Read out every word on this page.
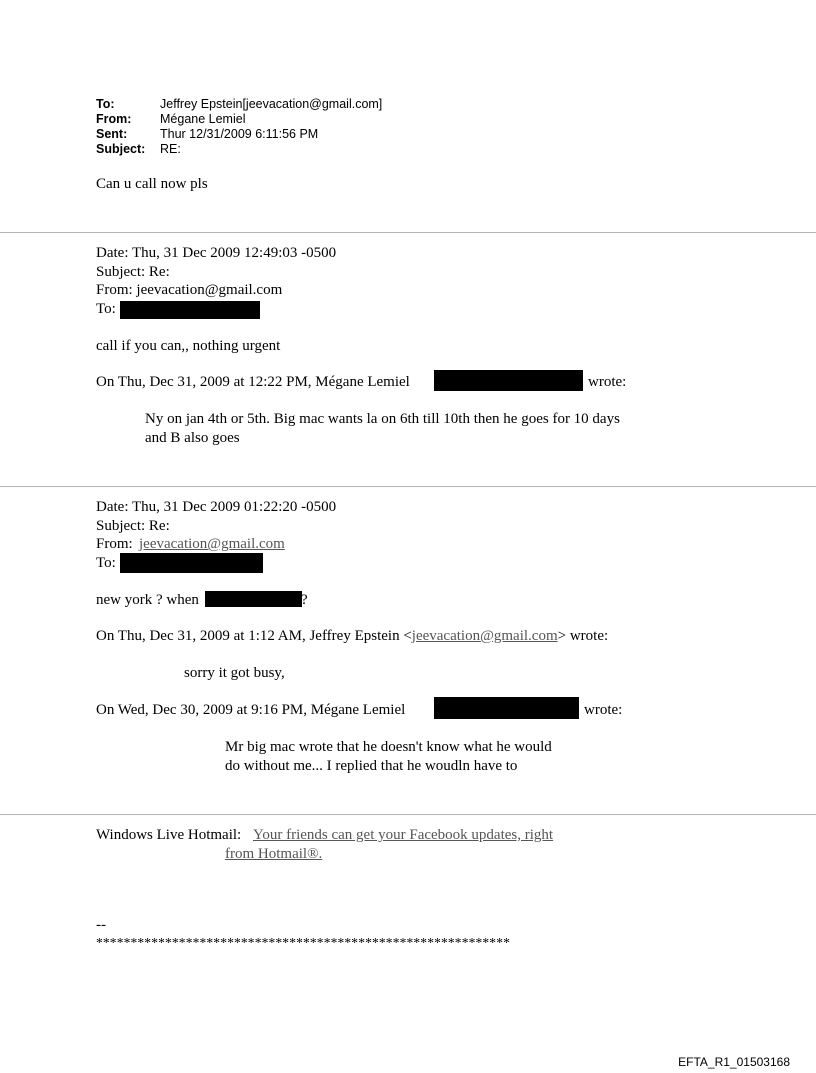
To:	Jeffrey Epstein[jeevacation@gmail.com]
From: Mégane Lemiel
Sent:	Thur 12/31/2009 6:11:56 PM
Subject: RE:
Can u call now pls
Date: Thu, 31 Dec 2009 12:49:03 -0500
Subject: Re:
From: jeevacation@gmail.com
To:
call if you can,, nothing urgent
On Thu, Dec 31, 2009 at 12:22 PM, Mégane Lemiel	wrote:
Ny on jan 4th or 5th. Big mac wants la on 6th till 10th then he goes for 10 days
and B also goes
Date: Thu, 31 Dec 2009 01:22:20 -0500
Subject: Re:
From: jeevacation@gmail.com
To:
new york ? when	?
On Thu, Dec 31, 2009 at 1:12 AM, Jeffrey Epstein <jeevacation@gmail.com> wrote:
sorry it got busy,
On Wed, Dec 30, 2009 at 9:16 PM, Mégane Lemiel	wrote:
Mr big mac wrote that he doesn't know what he would
do without me... I replied that he woudln have to
Windows Live Hotmail: Your friends can get your Facebook updates, right
from Hotmail®.
--
************************************************************
EFTA_R1_01503168
